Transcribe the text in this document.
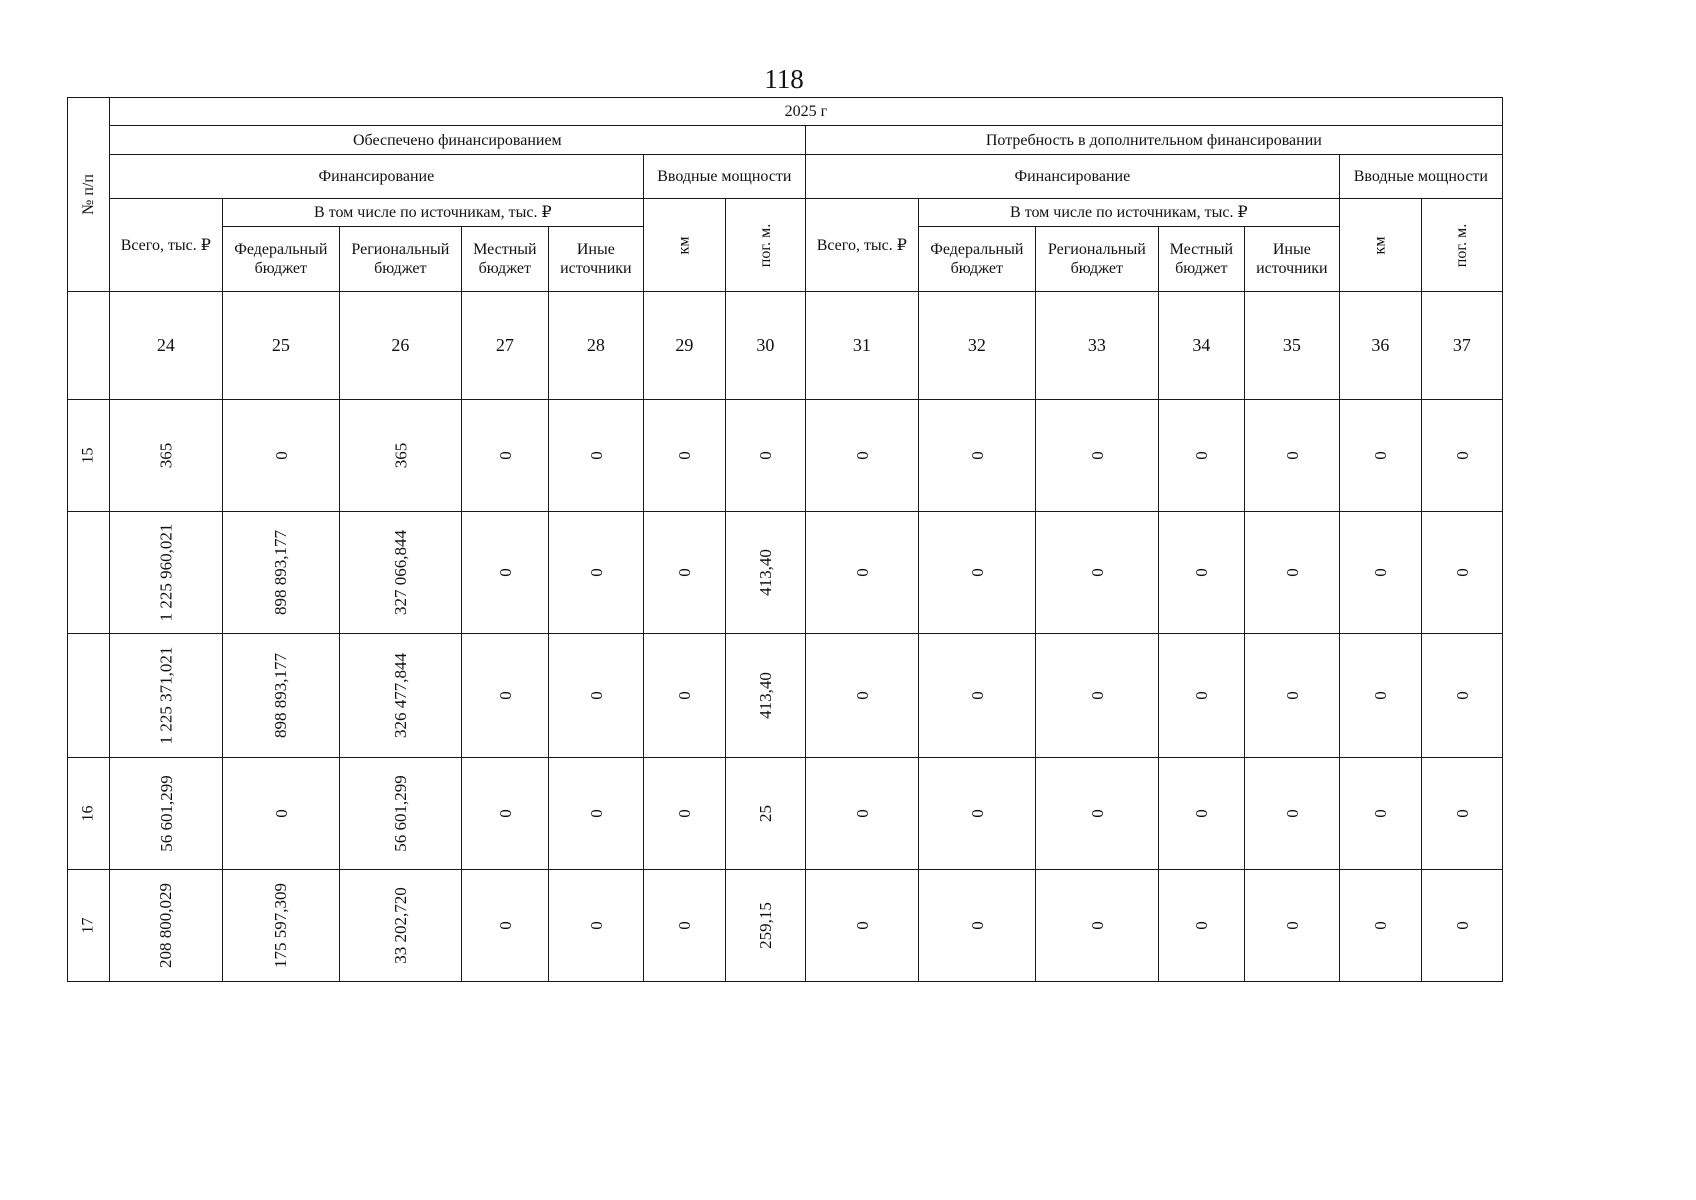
118
№ п/п	2025 г													
	Обеспечено финансированием							Потребность в дополнительном финансировании						
	Финансирование					Вводные мощности		Финансирование					Вводные мощности	
	Всего, тыс. ₽	В том числе по источникам, тыс. ₽				км	пог. м.	Всего, тыс. ₽	В том числе по источникам, тыс. ₽				км	пог. м.
		Федеральный бюджет	Региональный бюджет	Местный бюджет	Иные источники				Федеральный бюджет	Региональный бюджет	Местный бюджет	Иные источники		
	24	25	26	27	28	29	30	31	32	33	34	35	36	37
15	365	0	365	0	0	0	0	0	0	0	0	0	0	0
	1 225 960,021	898 893,177	327 066,844	0	0	0	413,40	0	0	0	0	0	0	0
	1 225 371,021	898 893,177	326 477,844	0	0	0	413,40	0	0	0	0	0	0	0
16	56 601,299	0	56 601,299	0	0	0	25	0	0	0	0	0	0	0
17	208 800,029	175 597,309	33 202,720	0	0	0	259,15	0	0	0	0	0	0	0
